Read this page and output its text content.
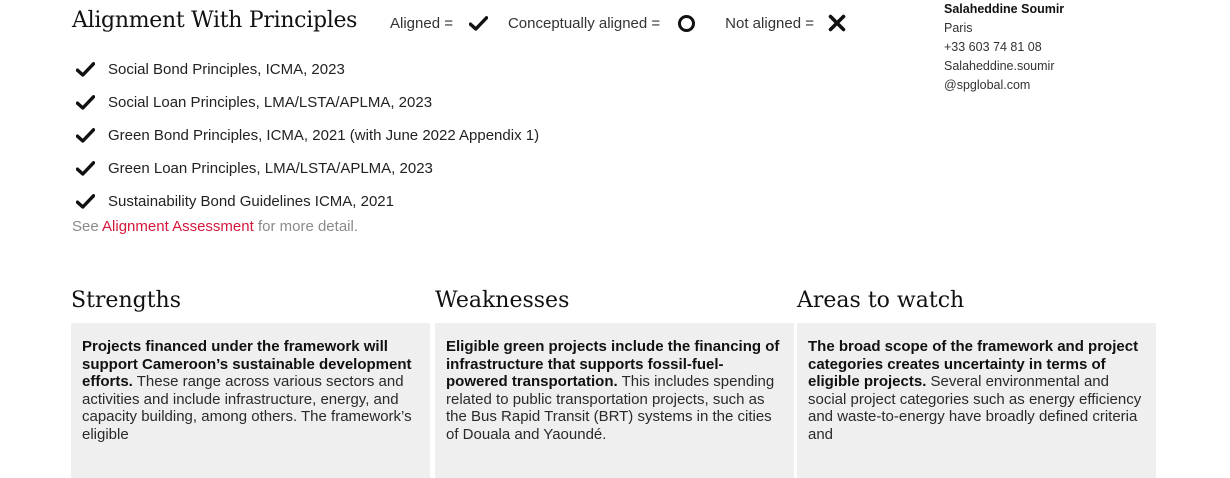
Alignment With Principles Aligned =	Conceptually aligned =	Not aligned =
Salaheddine Soumir
Paris
+33 603 74 81 08
Salaheddine.soumir
@spglobal.com
Social Bond Principles, ICMA, 2023
Social Loan Principles, LMA/LSTA/APLMA, 2023
Green Bond Principles, ICMA, 2021 (with June 2022 Appendix 1)
Green Loan Principles, LMA/LSTA/APLMA, 2023
Sustainability Bond Guidelines ICMA, 2021
See Alignment Assessment for more detail.
Strengths	Weaknesses	Areas to watch
Projects financed under the framework will support Cameroon’s sustainable development efforts. These range across various sectors and activities and include infrastructure, energy, and capacity building, among others. The framework’s eligible
Eligible green projects include the financing of infrastructure that supports fossil-fuel-powered transportation. This includes spending related to public transportation projects, such as the Bus Rapid Transit (BRT) systems in the cities of Douala and Yaoundé.
The broad scope of the framework and project categories creates uncertainty in terms of eligible projects. Several environmental and social project categories such as energy efficiency and waste-to-energy have broadly defined criteria and
